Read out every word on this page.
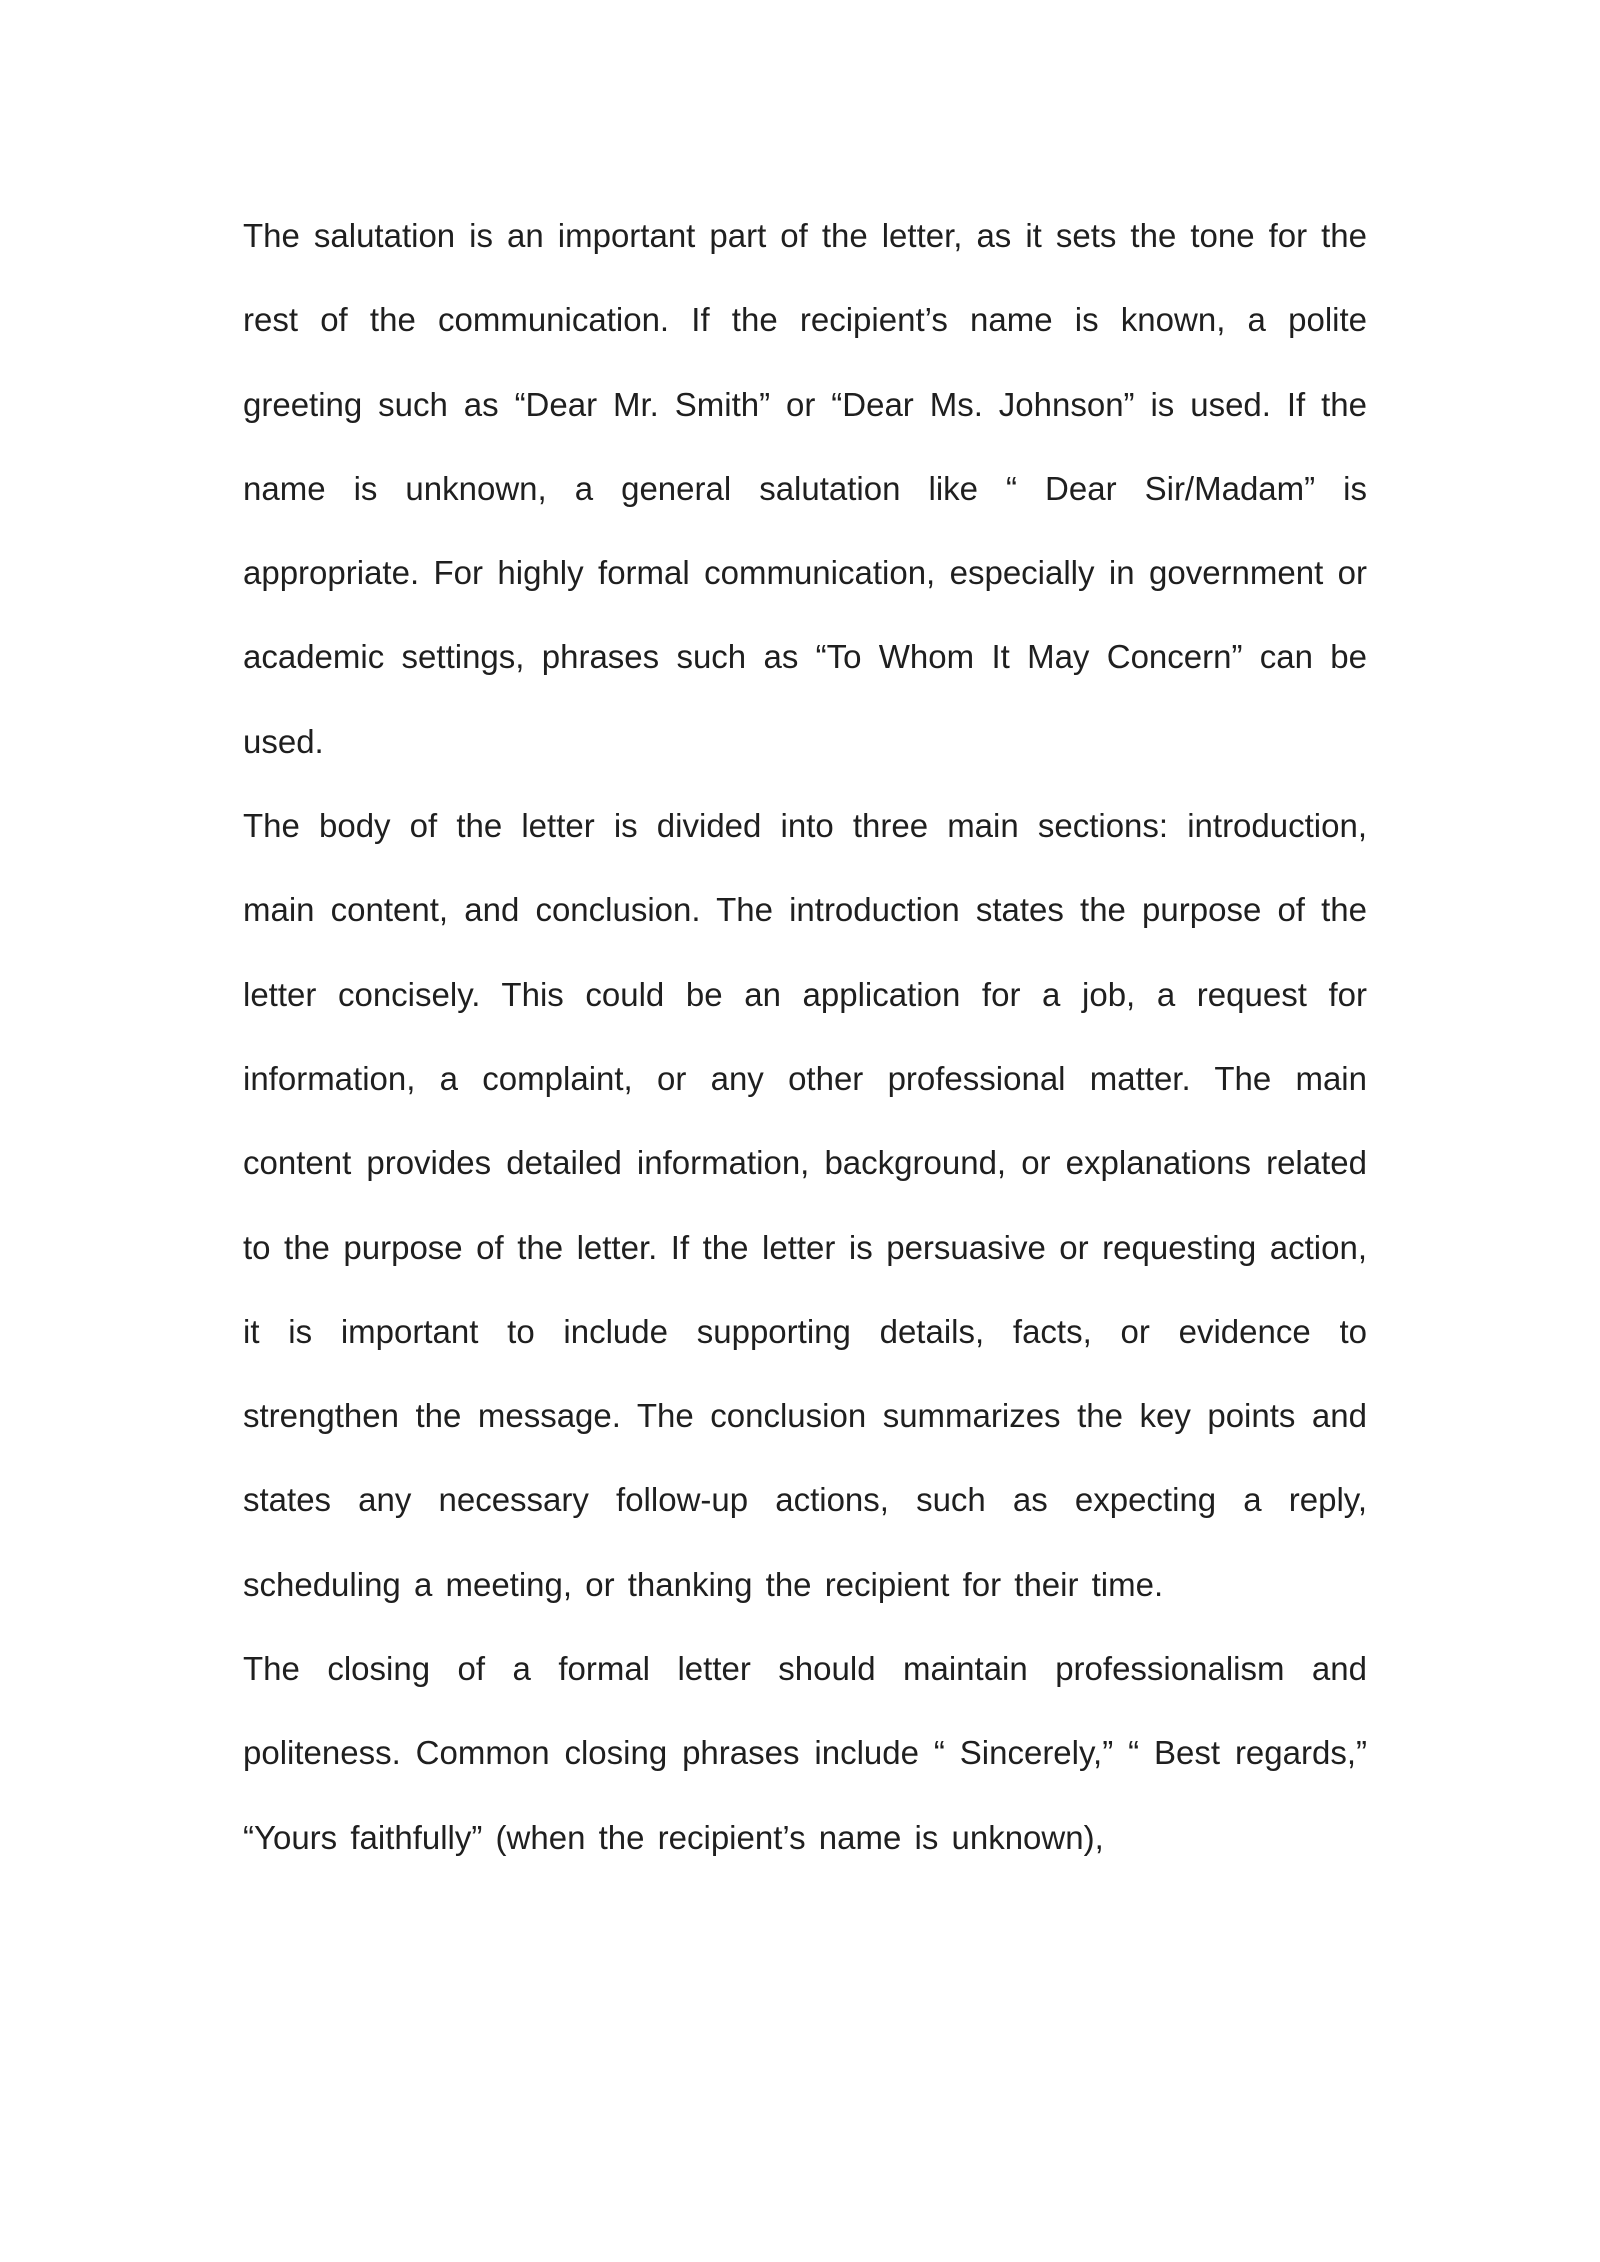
The salutation is an important part of the letter, as it sets the tone for the rest of the communication. If the recipient’s name is known, a polite greeting such as “Dear Mr. Smith” or “Dear Ms. Johnson” is used. If the name is unknown, a general salutation like “ Dear Sir/Madam” is appropriate. For highly formal communication, especially in government or academic settings, phrases such as “To Whom It May Concern” can be used.

The body of the letter is divided into three main sections: introduction, main content, and conclusion. The introduction states the purpose of the letter concisely. This could be an application for a job, a request for information, a complaint, or any other professional matter. The main content provides detailed information, background, or explanations related to the purpose of the letter. If the letter is persuasive or requesting action, it is important to include supporting details, facts, or evidence to strengthen the message. The conclusion summarizes the key points and states any necessary follow-up actions, such as expecting a reply, scheduling a meeting, or thanking the recipient for their time.

The closing of a formal letter should maintain professionalism and politeness. Common closing phrases include “ Sincerely,” “ Best regards,” “Yours faithfully” (when the recipient’s name is unknown),
